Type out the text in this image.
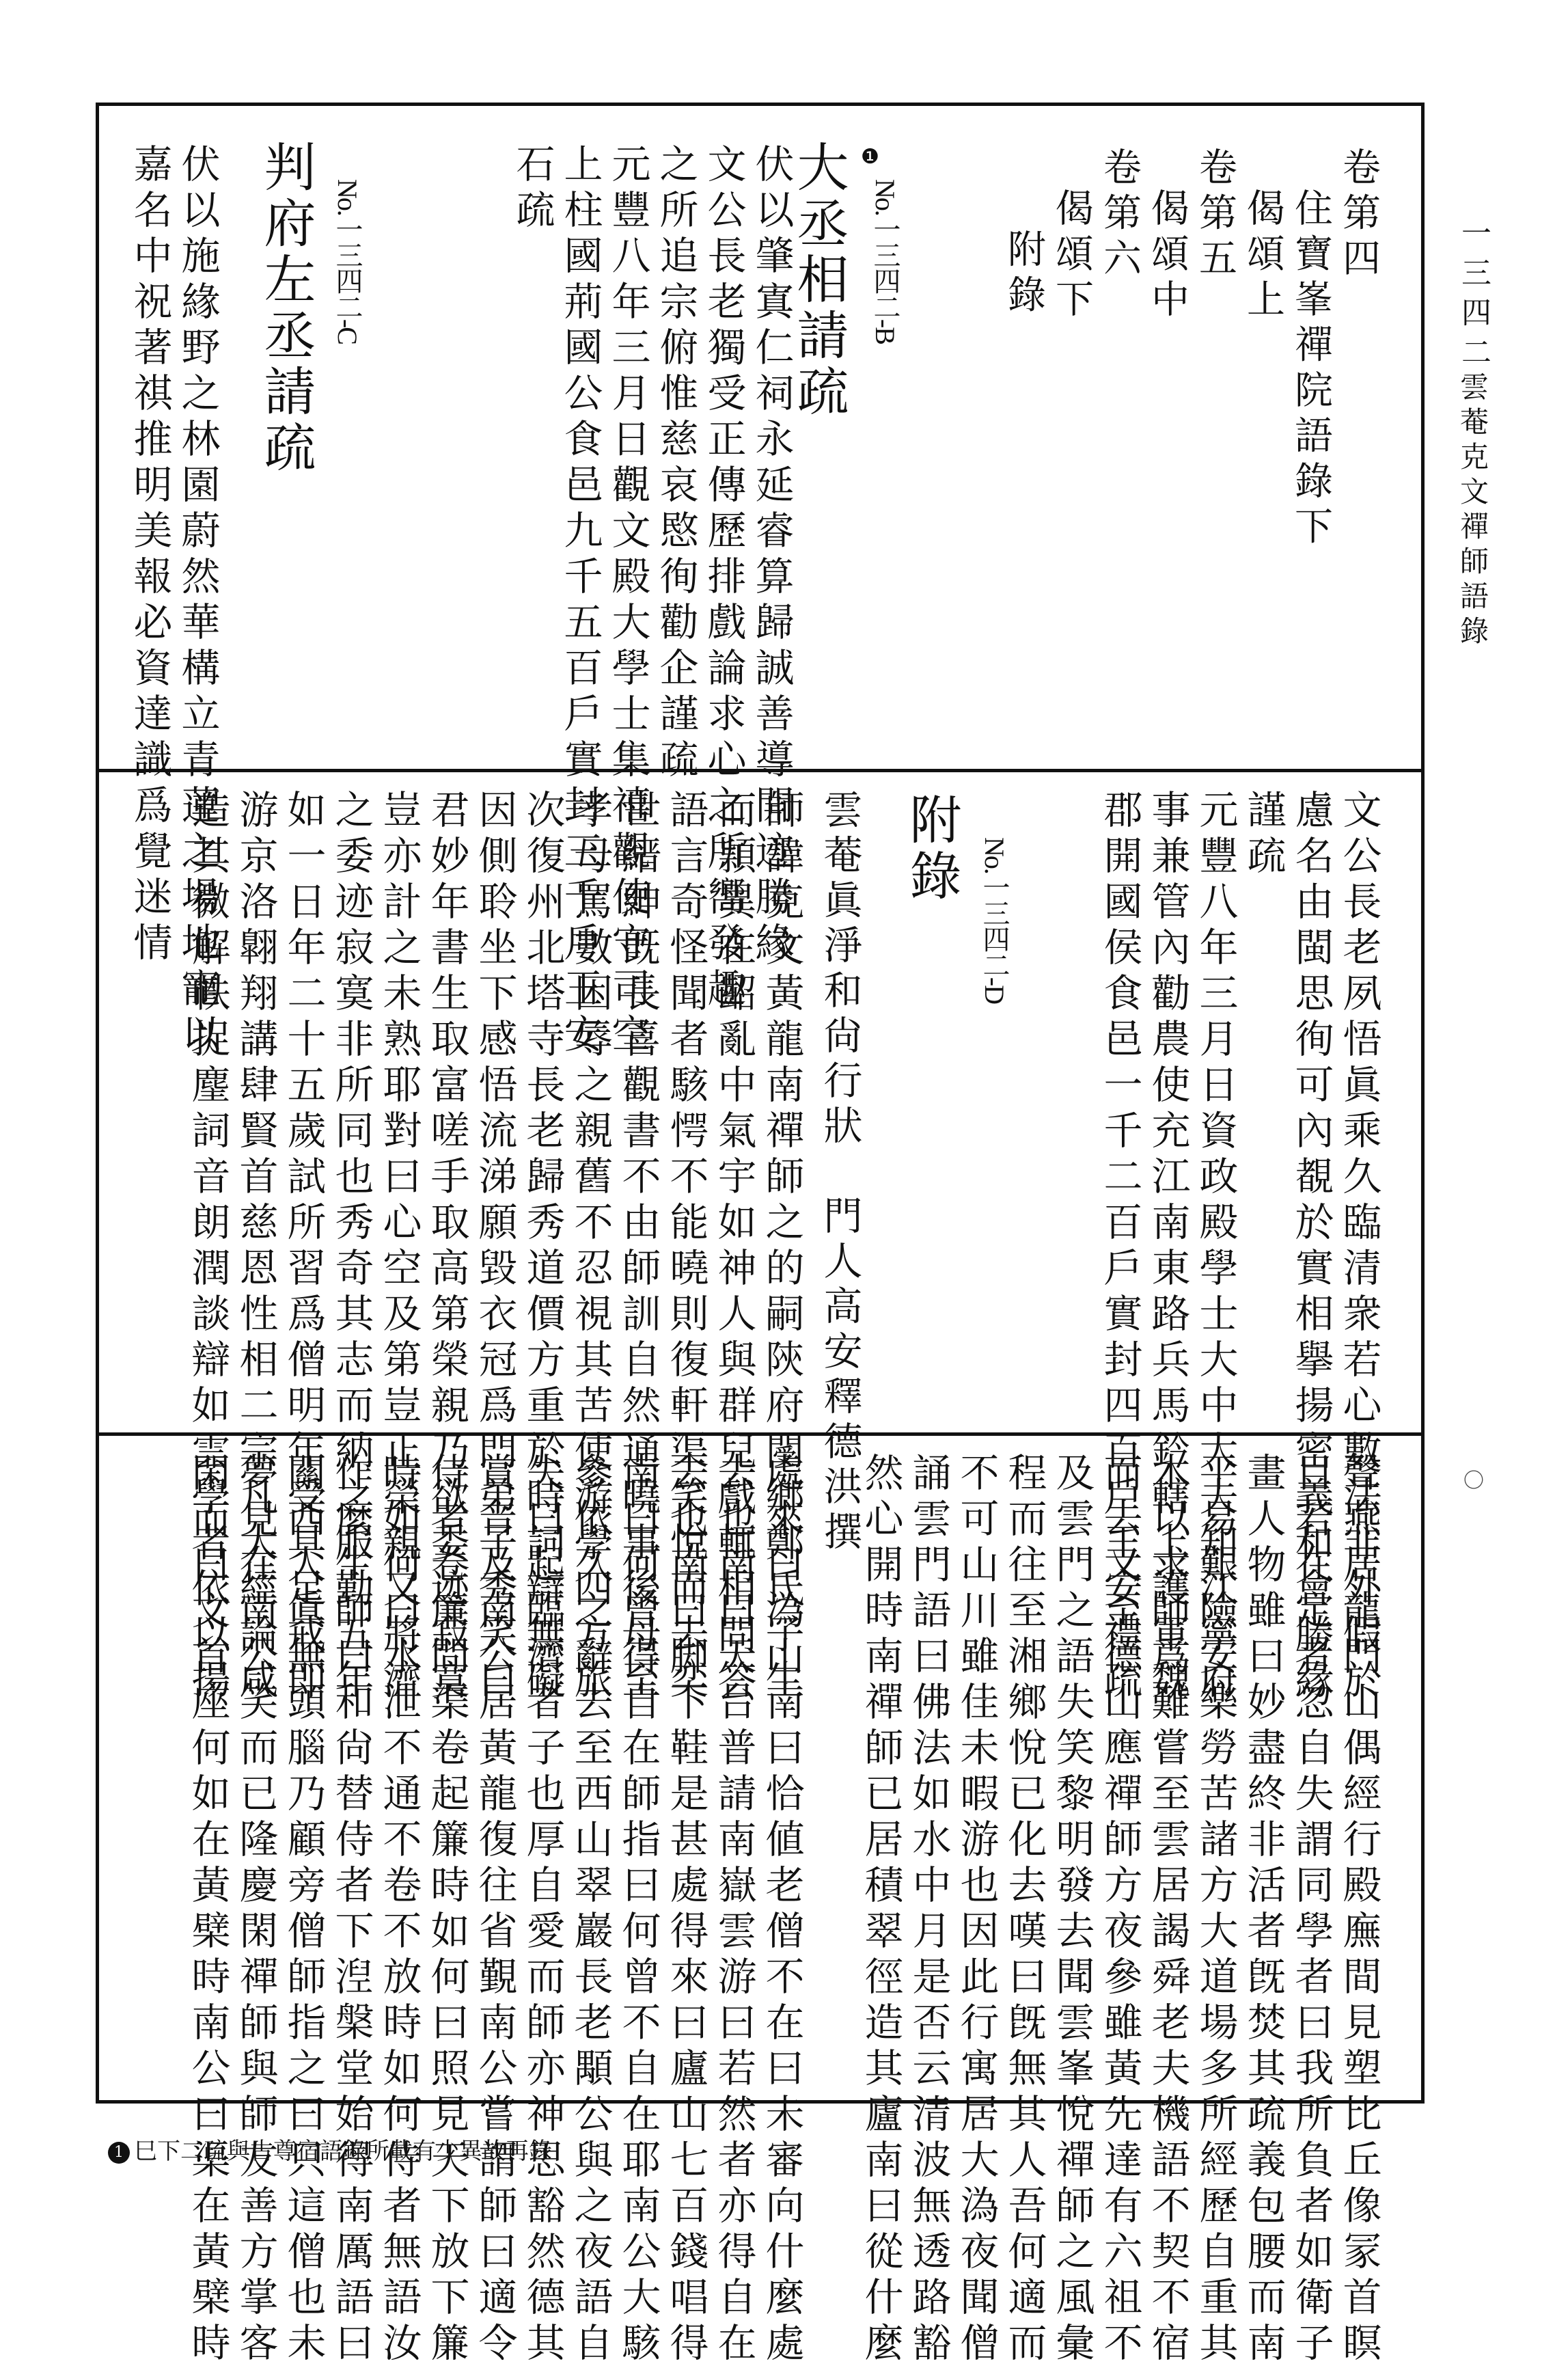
一三四二
雲菴克文禪師語錄
〇
卷第四
住寶峯禪院語錄下
偈頌上
卷第五
偈頌中
卷第六
偈頌下
附錄
No.一三四二-B
❶
大丞相請疏
伏以肇寘仁祠永延睿算歸誠善導開迹勝緣
文公長老獨受正傳歷排戲論求心之所嚮發趣
之所追宗俯惟慈哀愍徇勸企謹疏
元豐八年三月日觀文殿大學士集禧觀使守司空
上柱國荊國公食邑九千五百戶實封三千戶王安
石疏
No.一三四二-C
判府左丞請疏
伏以施緣野之林園蔚然華構立青蓮之場地寵以
嘉名中祝著祺推明美報必資達識爲覺迷情
文公長老夙悟眞乘久臨清衆若心數法非外假於
慮名由閩思徇可內覩於實相擧揚密義和會勝緣
謹疏
元豐八年三月日資政殿學士大中大夫知江寧府
事兼管內勸農使充江南東路兵馬鈐轄上護軍魏
郡開國侯食邑一千二百戶實封四百戶王安禮疏
No.一三四二-D
附錄
雲菴眞淨和尙行狀　門人高安釋德洪撰
師諱克文黃龍南禪師之的嗣陝府閿鄉鄭氏子生
而頴異在齠亂中氣宇如神人與群兒戲輒相問答
語言奇怪聞者駭愕不能曉則復軒渠笑悅而去奕
世縉紳旣長喜觀書不由師訓自然通曉事後母至
孝母罵數困辱之親舊不忍視其苦使游學四方旅
次復州北塔寺長老歸秀道價方重於時詞辯無礙
因側聆坐下感悟流涕願毀衣冠爲門弟子秀笑曰
君妙年書生取富嗟手取高第榮親乃欲委迹寂寞
豈亦計之未熟耶對曰心空及第豈止榮親又將濟
之委迹寂寞非所同也秀奇其志而納之服勤五年
如一日年二十五歲試所習爲僧明年受具足戒即
游京洛翺翔講肆賢首慈恩性相二宗凡大經論咸
造其微解帙捉麈詞音朗潤談辯如雲學者依以揚
聲燕居龍門山偶經行殿廡間見塑比丘像冡首瞑
目若在定者忽自失謂同學者曰我所負者如衛子
畫人物雖曰妙盡終非活者旣焚其疏義包腰而南
平易艱險安樂勞苦諸方大道場多所經歷自重其
木以求師爲難嘗至雲居謁舜老夫機語不契不宿
而去又至德山應禪師方夜參雖黃先達有六祖不
及雲門之語失笑黎明發去聞雲峯悅禪師之風彙
程而往至湘鄉悅已化去嘆曰旣無其人吾何適而
不可山川雖佳未暇游也因此行寓居大溈夜聞僧
誦雲門語曰佛法如水中月是否云清波無透路豁
然心開時南禪師已居積翠徑造其廬南曰從什麼
處來曰溈山南曰恰値老僧不在曰未審向什麼處
去也南曰天台普請南嶽雲游曰若然者亦得自在
去也南曰脚下鞋是甚處得來曰廬山七百錢唱得
南曰何曾得自在師指曰何曾不自在耶南公大駭
參依久之辭去至西山翠巖長老顒公與之夜語自
失曰起臨濟者子也厚自愛而師亦神思豁然德其
賞音及南公居黃龍復往省覲南公嘗謂師曰適令
侍者卷簾問渠卷起簾時如何曰照見天下放下簾
時如何曰水泄不通不卷不放時如何侍者無語汝
作麼生師曰和尙替侍者下湼槃堂始得南厲語曰
關西人眞無頭腦乃顧旁僧師指之曰只這僧也未
夢見在南公笑而已隆慶閑禪師與師友善方掌客
閑而曰文首座何如在黃檗時南公曰渠在黃檗時
1 巳下二疏與古尊宿語錄所載有少異故再錄
